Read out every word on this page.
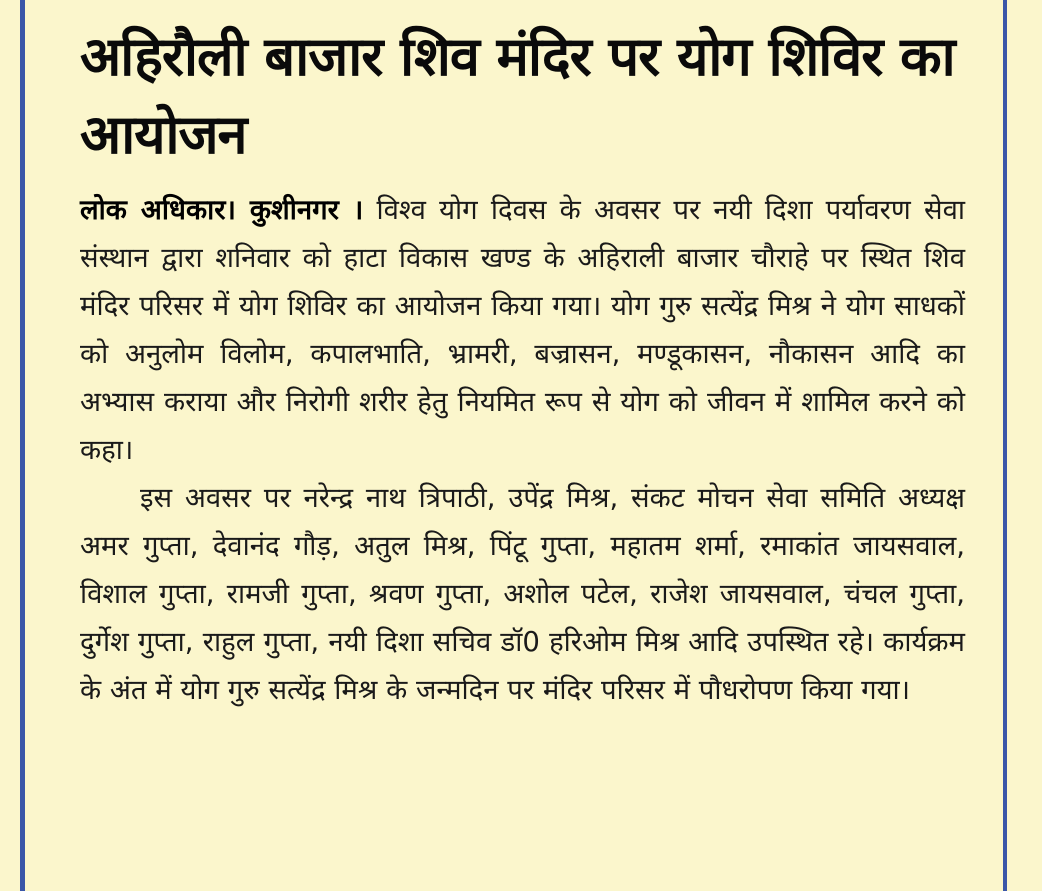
अहिरौली बाजार शिव मंदिर पर योग शिविर का आयोजन

लोक अधिकार। कुशीनगर । विश्व योग दिवस के अवसर पर नयी दिशा पर्यावरण सेवा संस्थान द्वारा शनिवार को हाटा विकास खण्ड के अहिराली बाजार चौराहे पर स्थित शिव मंदिर परिसर में योग शिविर का आयोजन किया गया। योग गुरु सत्येंद्र मिश्र ने योग साधकों को अनुलोम विलोम, कपालभाति, भ्रामरी, बज्रासन, मण्डूकासन, नौकासन आदि का अभ्यास कराया और निरोगी शरीर हेतु नियमित रूप से योग को जीवन में शामिल करने को कहा।

इस अवसर पर नरेन्द्र नाथ त्रिपाठी, उपेंद्र मिश्र, संकट मोचन सेवा समिति अध्यक्ष अमर गुप्ता, देवानंद गौड़, अतुल मिश्र, पिंटू गुप्ता, महातम शर्मा, रमाकांत जायसवाल, विशाल गुप्ता, रामजी गुप्ता, श्रवण गुप्ता, अशोल पटेल, राजेश जायसवाल, चंचल गुप्ता, दुर्गेश गुप्ता, राहुल गुप्ता, नयी दिशा सचिव डॉ0 हरिओम मिश्र आदि उपस्थित रहे। कार्यक्रम के अंत में योग गुरु सत्येंद्र मिश्र के जन्मदिन पर मंदिर परिसर में पौधरोपण किया गया।
